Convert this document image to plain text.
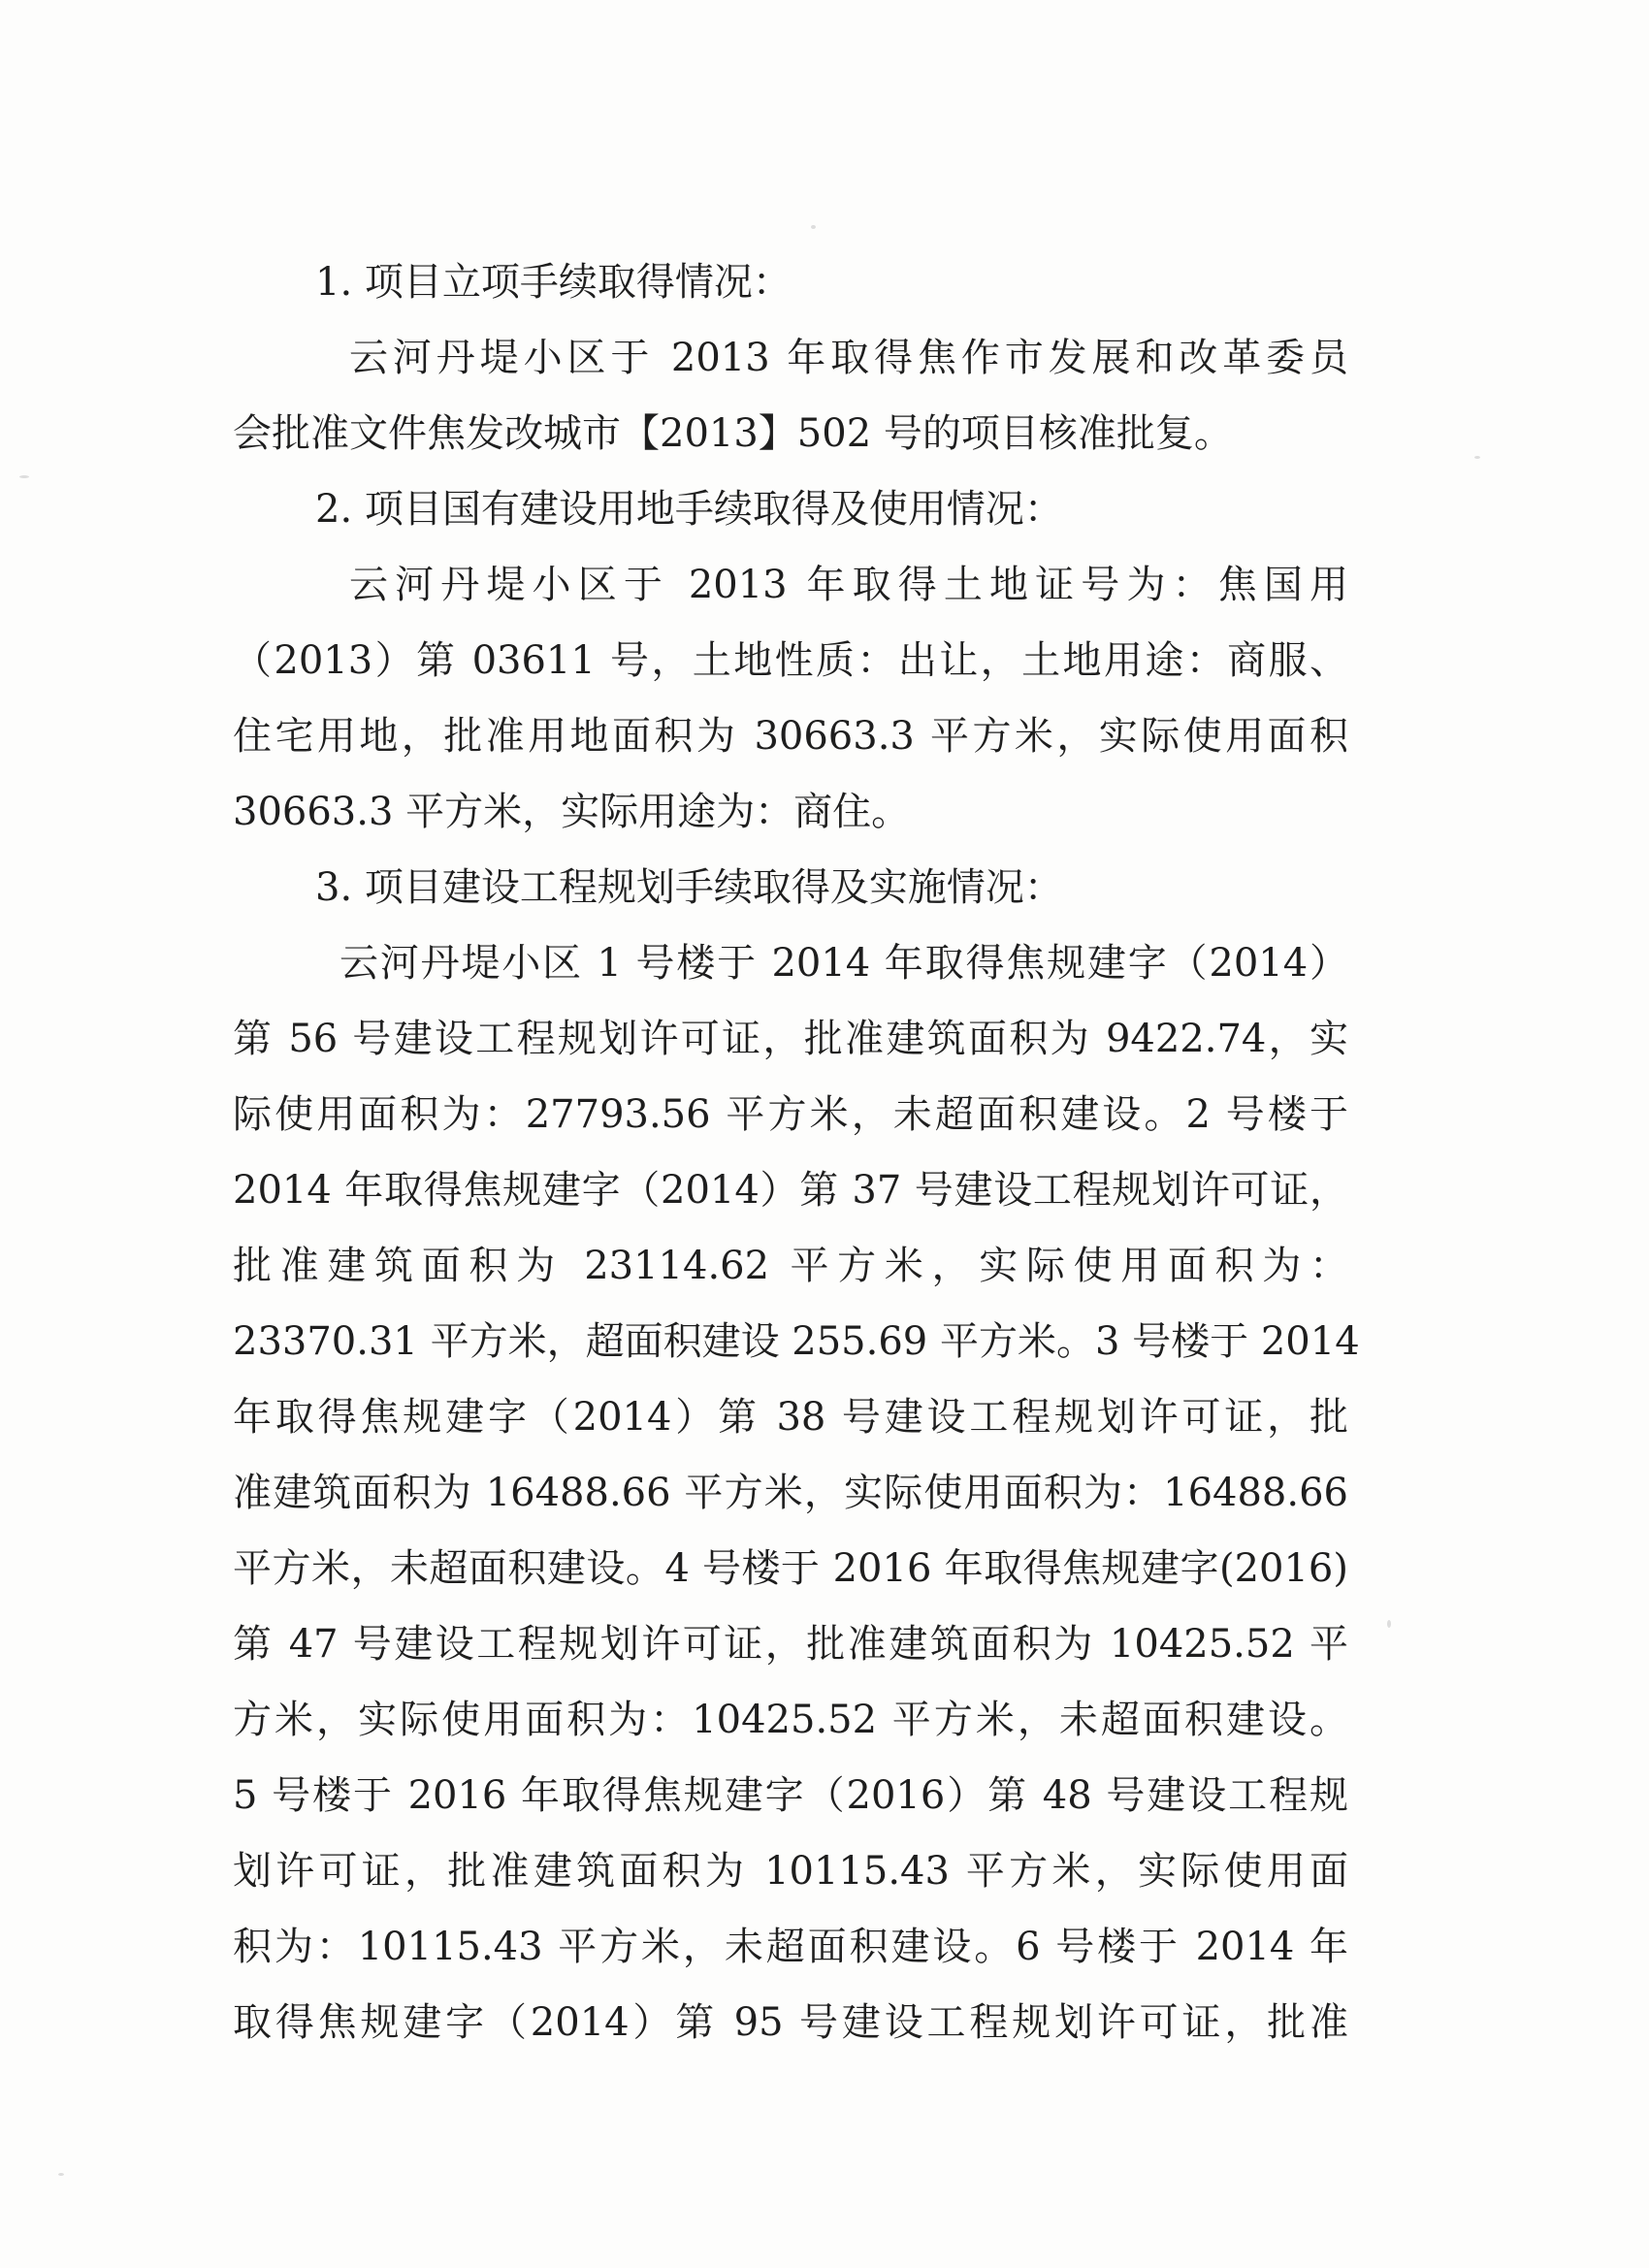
1. 项目立项手续取得情况：
云河丹堤小区于 2013 年取得焦作市发展和改革委员
会批准文件焦发改城市【2013】502 号的项目核准批复。
2. 项目国有建设用地手续取得及使用情况：
云河丹堤小区于 2013 年取得土地证号为：焦国用
（2013）第 03611 号，土地性质：出让，土地用途：商服、
住宅用地，批准用地面积为 30663.3 平方米，实际使用面积
30663.3 平方米，实际用途为：商住。
3. 项目建设工程规划手续取得及实施情况：
云河丹堤小区 1 号楼于 2014 年取得焦规建字（2014）
第 56 号建设工程规划许可证，批准建筑面积为 9422.74，实
际使用面积为：27793.56 平方米，未超面积建设。2 号楼于
2014 年取得焦规建字（2014）第 37 号建设工程规划许可证，
批准建筑面积为 23114.62 平方米，实际使用面积为：
23370.31 平方米，超面积建设 255.69 平方米。3 号楼于 2014
年取得焦规建字（2014）第 38 号建设工程规划许可证，批
准建筑面积为 16488.66 平方米，实际使用面积为：16488.66
平方米，未超面积建设。4 号楼于 2016 年取得焦规建字(2016)
第 47 号建设工程规划许可证，批准建筑面积为 10425.52 平
方米，实际使用面积为：10425.52 平方米，未超面积建设。
5 号楼于 2016 年取得焦规建字（2016）第 48 号建设工程规
划许可证，批准建筑面积为 10115.43 平方米，实际使用面
积为：10115.43 平方米，未超面积建设。6 号楼于 2014 年
取得焦规建字（2014）第 95 号建设工程规划许可证，批准
